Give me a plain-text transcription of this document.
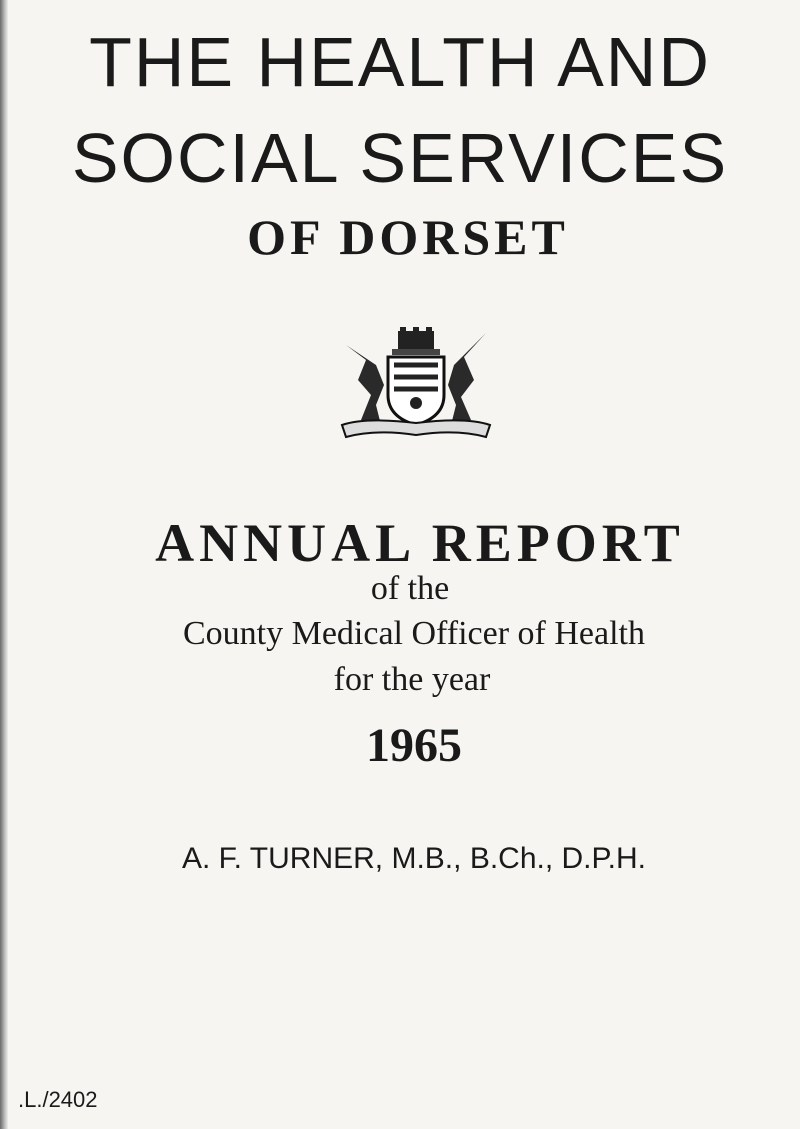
THE HEALTH AND
SOCIAL SERVICES
OF DORSET
ANNUAL REPORT
of the
County Medical Officer of Health
for the year
1965
A. F. TURNER, M.B., B.Ch., D.P.H.
.L./2402
